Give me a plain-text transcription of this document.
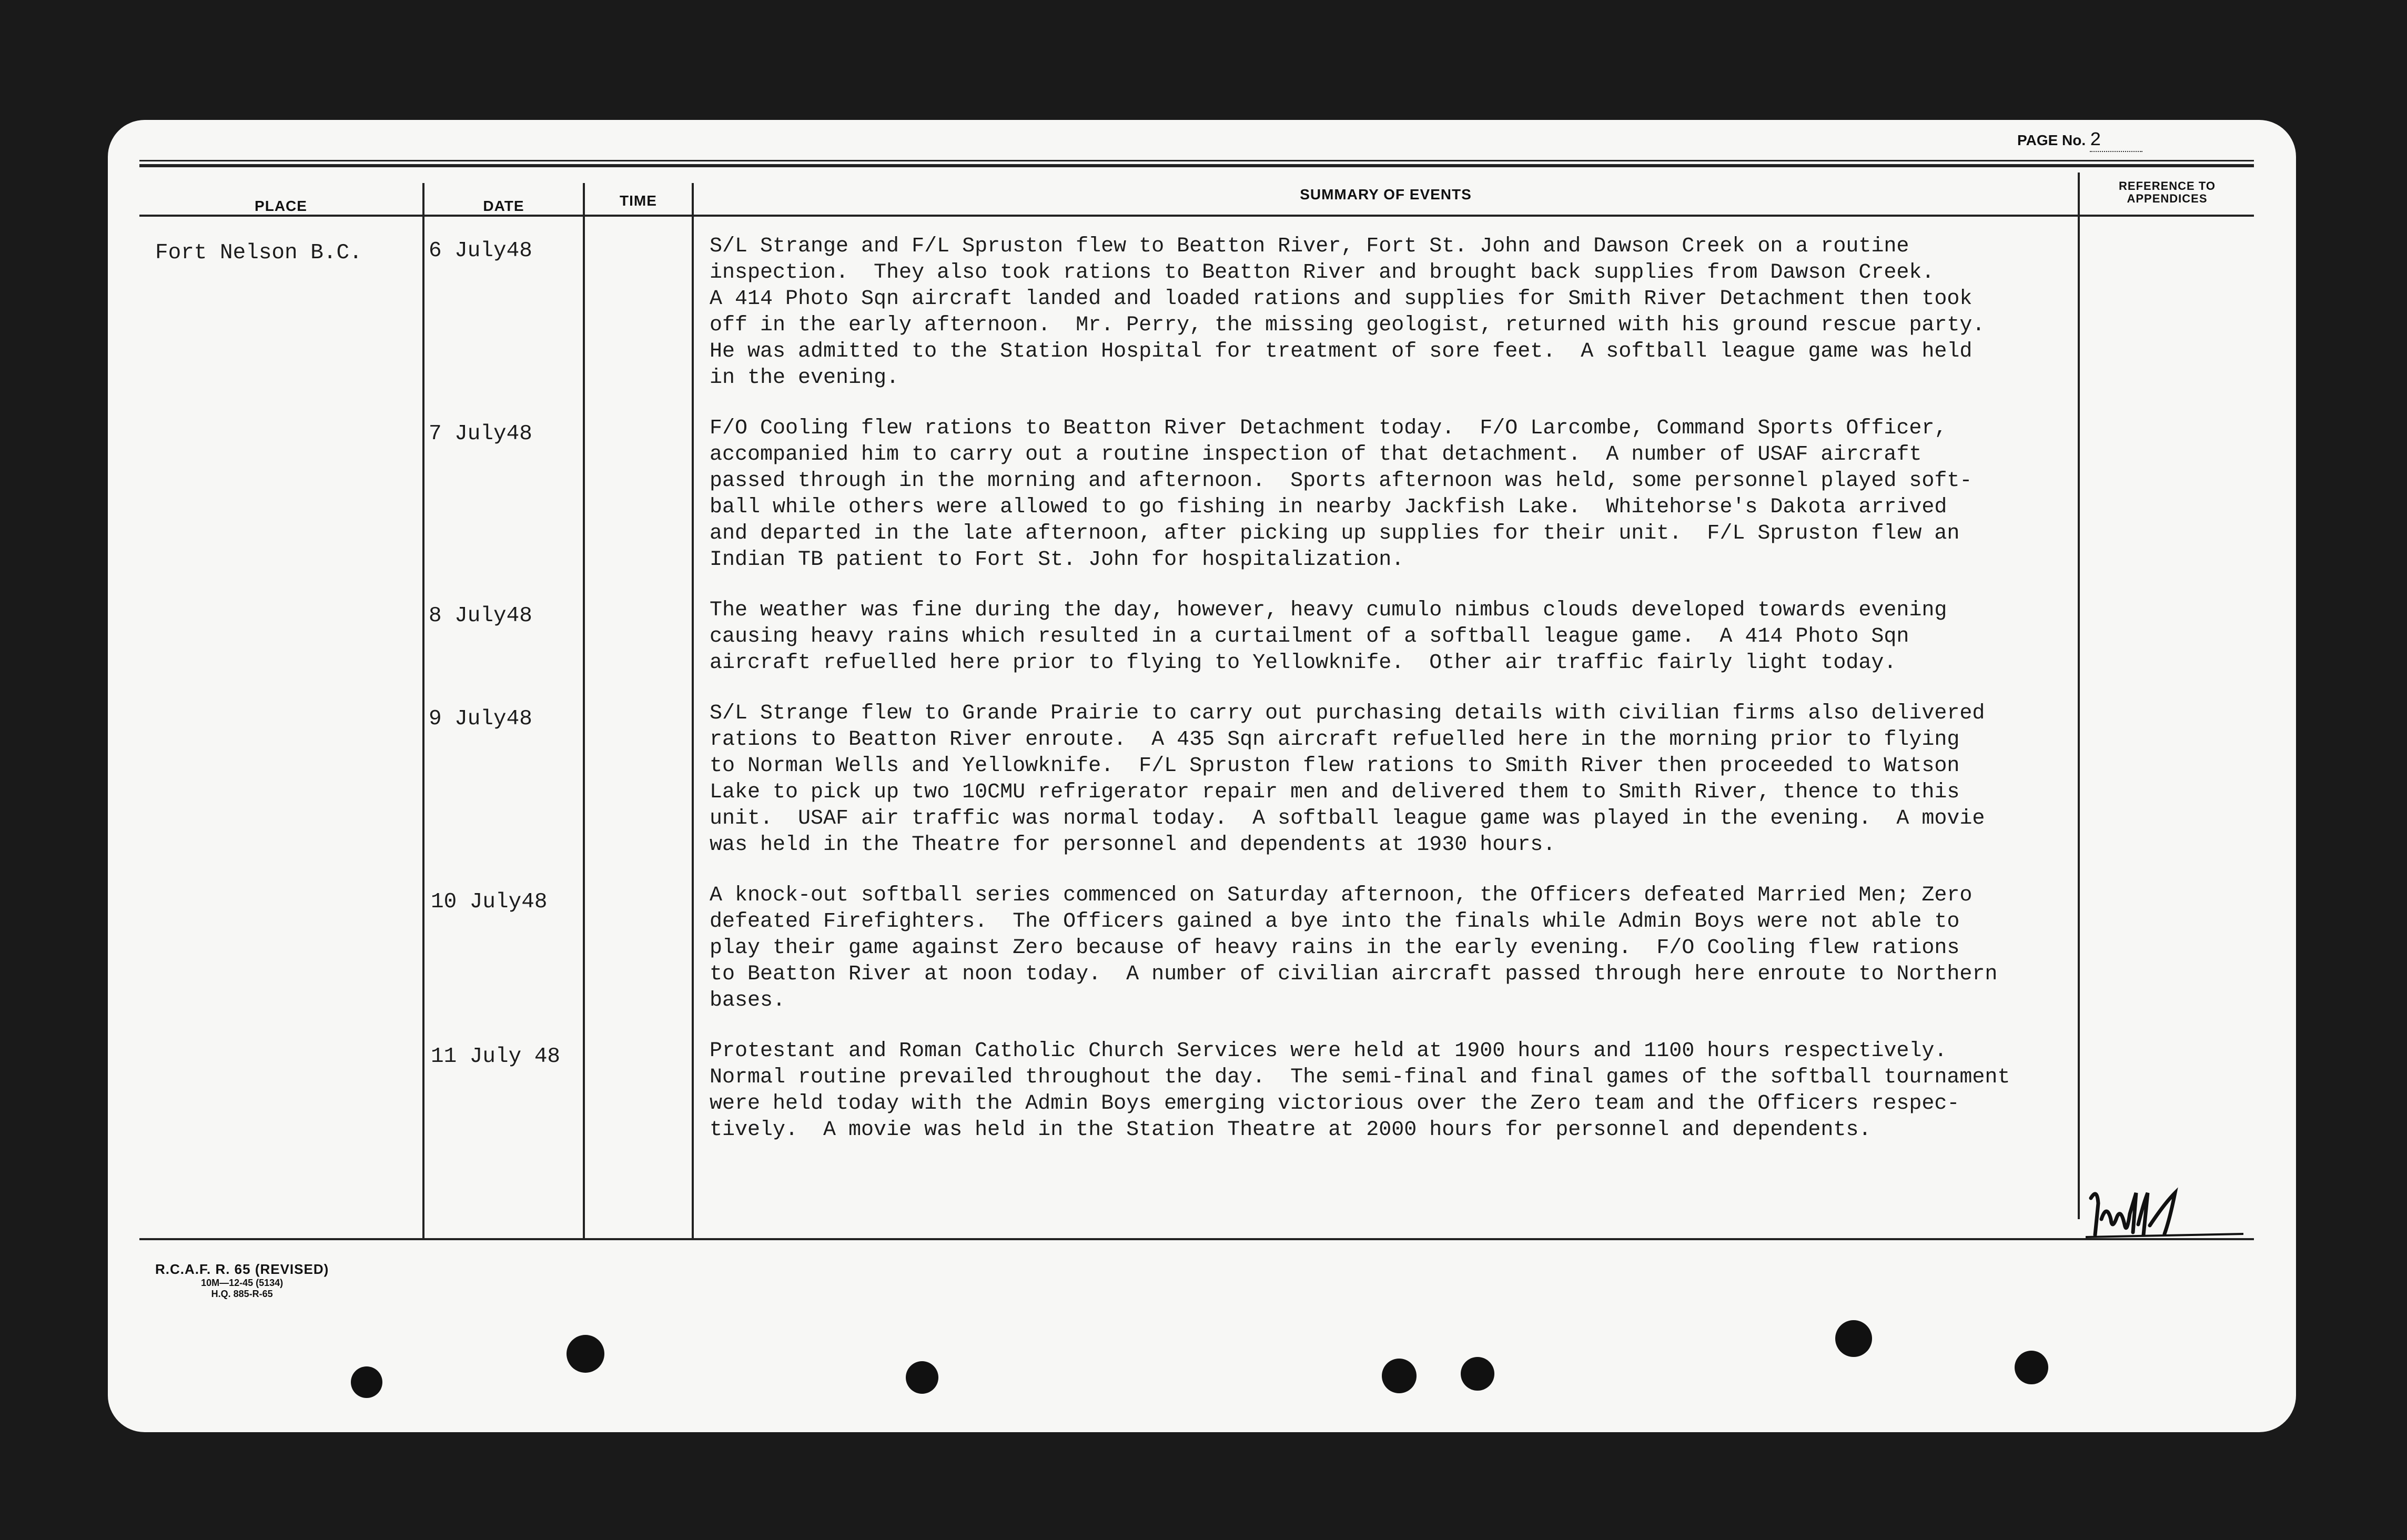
PAGE No. 2
PLACE	DATE	TIME	SUMMARY OF EVENTS
REFERENCE TO
APPENDICES
Fort Nelson B.C.	6 July48	S/L Strange and F/L Spruston flew to Beatton River, Fort St. John and Dawson Creek on a routine
inspection.  They also took rations to Beatton River and brought back supplies from Dawson Creek.
A 414 Photo Sqn aircraft landed and loaded rations and supplies for Smith River Detachment then took
off in the early afternoon.  Mr. Perry, the missing geologist, returned with his ground rescue party.
He was admitted to the Station Hospital for treatment of sore feet.  A softball league game was held
in the evening.
7 July48	F/O Cooling flew rations to Beatton River Detachment today.  F/O Larcombe, Command Sports Officer,
accompanied him to carry out a routine inspection of that detachment.  A number of USAF aircraft
passed through in the morning and afternoon.  Sports afternoon was held, some personnel played soft-
ball while others were allowed to go fishing in nearby Jackfish Lake.  Whitehorse's Dakota arrived
and departed in the late afternoon, after picking up supplies for their unit.  F/L Spruston flew an
Indian TB patient to Fort St. John for hospitalization.
8 July48	The weather was fine during the day, however, heavy cumulo nimbus clouds developed towards evening
causing heavy rains which resulted in a curtailment of a softball league game.  A 414 Photo Sqn
aircraft refuelled here prior to flying to Yellowknife.  Other air traffic fairly light today.
9 July48	S/L Strange flew to Grande Prairie to carry out purchasing details with civilian firms also delivered
rations to Beatton River enroute.  A 435 Sqn aircraft refuelled here in the morning prior to flying
to Norman Wells and Yellowknife.  F/L Spruston flew rations to Smith River then proceeded to Watson
Lake to pick up two 10CMU refrigerator repair men and delivered them to Smith River, thence to this
unit.  USAF air traffic was normal today.  A softball league game was played in the evening.  A movie
was held in the Theatre for personnel and dependents at 1930 hours.
10 July48	A knock-out softball series commenced on Saturday afternoon, the Officers defeated Married Men; Zero
defeated Firefighters.  The Officers gained a bye into the finals while Admin Boys were not able to
play their game against Zero because of heavy rains in the early evening.  F/O Cooling flew rations
to Beatton River at noon today.  A number of civilian aircraft passed through here enroute to Northern
bases.
11 July 48	Protestant and Roman Catholic Church Services were held at 1900 hours and 1100 hours respectively.
Normal routine prevailed throughout the day.  The semi-final and final games of the softball tournament
were held today with the Admin Boys emerging victorious over the Zero team and the Officers respec-
tively.  A movie was held in the Station Theatre at 2000 hours for personnel and dependents.
R.C.A.F. R. 65 (REVISED)
10M—12-45 (5134)
H.Q. 885-R-65
